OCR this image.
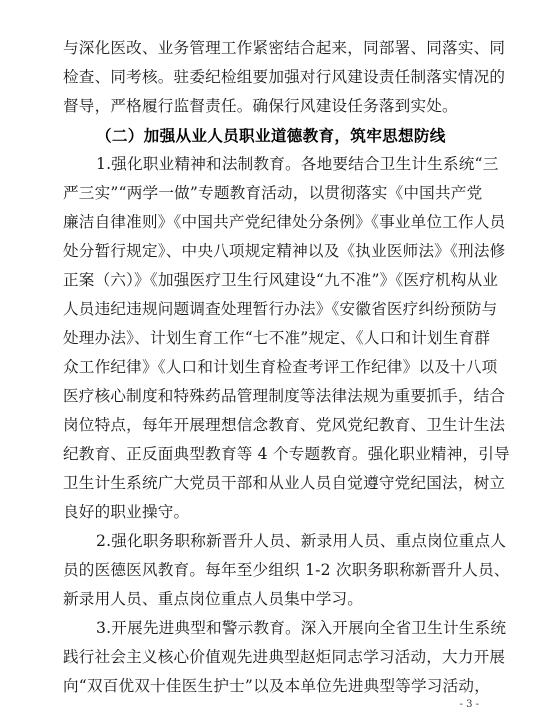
与深化医改、业务管理工作紧密结合起来，同部署、同落实、同
检查、同考核。驻委纪检组要加强对行风建设责任制落实情况的
督导，严格履行监督责任。确保行风建设任务落到实处。
（二）加强从业人员职业道德教育，筑牢思想防线
1.强化职业精神和法制教育。各地要结合卫生计生系统“三
严三实”“两学一做”专题教育活动，以贯彻落实《中国共产党
廉洁自律准则》《中国共产党纪律处分条例》《事业单位工作人员
处分暂行规定》、中央八项规定精神以及《执业医师法》《刑法修
正案（六）》《加强医疗卫生行风建设“九不准”》《医疗机构从业
人员违纪违规问题调查处理暂行办法》《安徽省医疗纠纷预防与
处理办法》、计划生育工作“七不准”规定、《人口和计划生育群
众工作纪律》《人口和计划生育检查考评工作纪律》以及十八项
医疗核心制度和特殊药品管理制度等法律法规为重要抓手，结合
岗位特点，每年开展理想信念教育、党风党纪教育、卫生计生法
纪教育、正反面典型教育等 4 个专题教育。强化职业精神，引导
卫生计生系统广大党员干部和从业人员自觉遵守党纪国法，树立
良好的职业操守。
2.强化职务职称新晋升人员、新录用人员、重点岗位重点人
员的医德医风教育。每年至少组织 1-2 次职务职称新晋升人员、
新录用人员、重点岗位重点人员集中学习。
3.开展先进典型和警示教育。深入开展向全省卫生计生系统
践行社会主义核心价值观先进典型赵炬同志学习活动，大力开展
向“双百优双十佳医生护士”以及本单位先进典型等学习活动，
- 3 -
